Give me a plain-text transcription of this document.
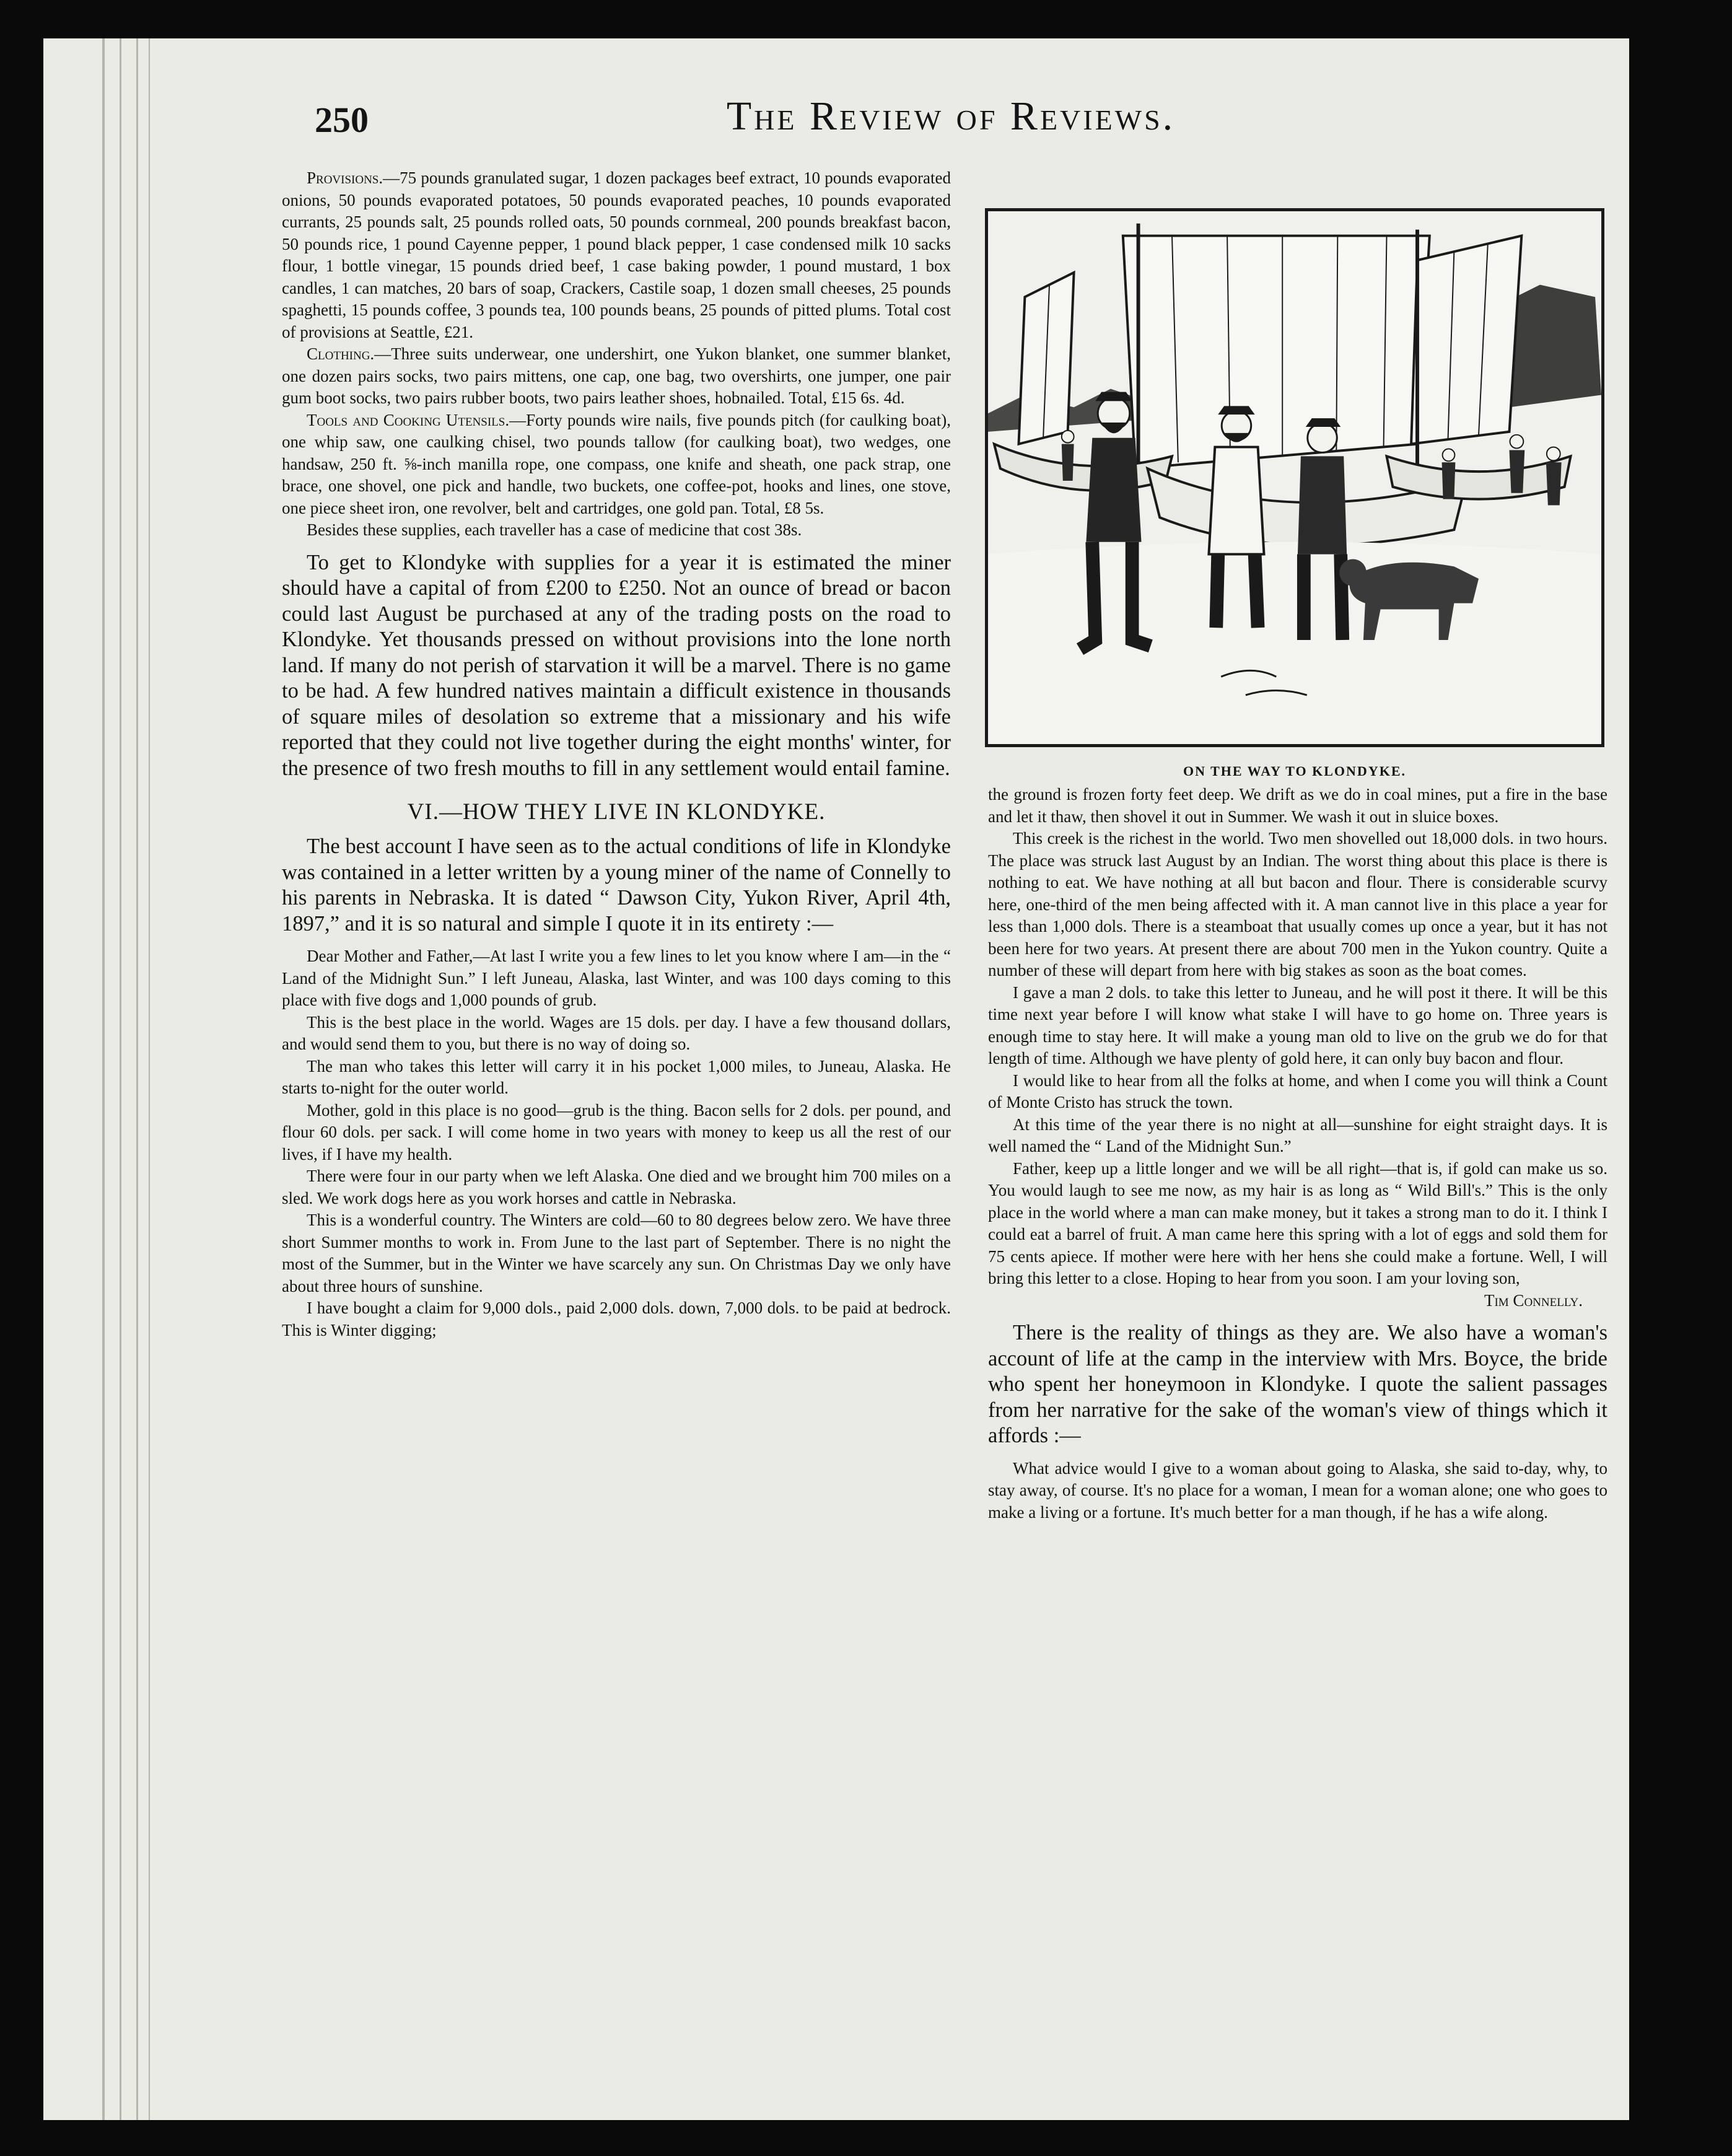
250	The Review of Reviews.

Provisions.—75 pounds granulated sugar, 1 dozen packages beef extract, 10 pounds evaporated onions, 50 pounds evaporated potatoes, 50 pounds evaporated peaches, 10 pounds evaporated currants, 25 pounds salt, 25 pounds rolled oats, 50 pounds cornmeal, 200 pounds breakfast bacon, 50 pounds rice, 1 pound Cayenne pepper, 1 pound black pepper, 1 case condensed milk 10 sacks flour, 1 bottle vinegar, 15 pounds dried beef, 1 case baking powder, 1 pound mustard, 1 box candles, 1 can matches, 20 bars of soap, Crackers, Castile soap, 1 dozen small cheeses, 25 pounds spaghetti, 15 pounds coffee, 3 pounds tea, 100 pounds beans, 25 pounds of pitted plums. Total cost of provisions at Seattle, £21.

Clothing.—Three suits underwear, one undershirt, one Yukon blanket, one summer blanket, one dozen pairs socks, two pairs mittens, one cap, one bag, two overshirts, one jumper, one pair gum boot socks, two pairs rubber boots, two pairs leather shoes, hobnailed. Total, £15 6s. 4d.

Tools and Cooking Utensils.—Forty pounds wire nails, five pounds pitch (for caulking boat), one whip saw, one caulking chisel, two pounds tallow (for caulking boat), two wedges, one handsaw, 250 ft. ⅝-inch manilla rope, one compass, one knife and sheath, one pack strap, one brace, one shovel, one pick and handle, two buckets, one coffee-pot, hooks and lines, one stove, one piece sheet iron, one revolver, belt and cartridges, one gold pan. Total, £8 5s.

Besides these supplies, each traveller has a case of medicine that cost 38s.

To get to Klondyke with supplies for a year it is estimated the miner should have a capital of from £200 to £250. Not an ounce of bread or bacon could last August be purchased at any of the trading posts on the road to Klondyke. Yet thousands pressed on without provisions into the lone north land. If many do not perish of starvation it will be a marvel. There is no game to be had. A few hundred natives maintain a difficult existence in thousands of square miles of desolation so extreme that a missionary and his wife reported that they could not live together during the eight months' winter, for the presence of two fresh mouths to fill in any settlement would entail famine.

VI.—HOW THEY LIVE IN KLONDYKE.

The best account I have seen as to the actual conditions of life in Klondyke was contained in a letter written by a young miner of the name of Connelly to his parents in Nebraska. It is dated “ Dawson City, Yukon River, April 4th, 1897,” and it is so natural and simple I quote it in its entirety :—

Dear Mother and Father,—At last I write you a few lines to let you know where I am—in the “ Land of the Midnight Sun.” I left Juneau, Alaska, last Winter, and was 100 days coming to this place with five dogs and 1,000 pounds of grub.

This is the best place in the world. Wages are 15 dols. per day. I have a few thousand dollars, and would send them to you, but there is no way of doing so.

The man who takes this letter will carry it in his pocket 1,000 miles, to Juneau, Alaska. He starts to-night for the outer world.

Mother, gold in this place is no good—grub is the thing. Bacon sells for 2 dols. per pound, and flour 60 dols. per sack. I will come home in two years with money to keep us all the rest of our lives, if I have my health.

There were four in our party when we left Alaska. One died and we brought him 700 miles on a sled. We work dogs here as you work horses and cattle in Nebraska.

This is a wonderful country. The Winters are cold—60 to 80 degrees below zero. We have three short Summer months to work in. From June to the last part of September. There is no night the most of the Summer, but in the Winter we have scarcely any sun. On Christmas Day we only have about three hours of sunshine.

I have bought a claim for 9,000 dols., paid 2,000 dols. down, 7,000 dols. to be paid at bedrock. This is Winter digging;

ON THE WAY TO KLONDYKE.

the ground is frozen forty feet deep. We drift as we do in coal mines, put a fire in the base and let it thaw, then shovel it out in Summer. We wash it out in sluice boxes.

This creek is the richest in the world. Two men shovelled out 18,000 dols. in two hours. The place was struck last August by an Indian. The worst thing about this place is there is nothing to eat. We have nothing at all but bacon and flour. There is considerable scurvy here, one-third of the men being affected with it. A man cannot live in this place a year for less than 1,000 dols. There is a steamboat that usually comes up once a year, but it has not been here for two years. At present there are about 700 men in the Yukon country. Quite a number of these will depart from here with big stakes as soon as the boat comes.

I gave a man 2 dols. to take this letter to Juneau, and he will post it there. It will be this time next year before I will know what stake I will have to go home on. Three years is enough time to stay here. It will make a young man old to live on the grub we do for that length of time. Although we have plenty of gold here, it can only buy bacon and flour.

I would like to hear from all the folks at home, and when I come you will think a Count of Monte Cristo has struck the town.

At this time of the year there is no night at all—sunshine for eight straight days. It is well named the “ Land of the Midnight Sun.”

Father, keep up a little longer and we will be all right—that is, if gold can make us so. You would laugh to see me now, as my hair is as long as “ Wild Bill's.” This is the only place in the world where a man can make money, but it takes a strong man to do it. I think I could eat a barrel of fruit. A man came here this spring with a lot of eggs and sold them for 75 cents apiece. If mother were here with her hens she could make a fortune. Well, I will bring this letter to a close. Hoping to hear from you soon. I am your loving son,

Tim Connelly.

There is the reality of things as they are. We also have a woman's account of life at the camp in the interview with Mrs. Boyce, the bride who spent her honeymoon in Klondyke. I quote the salient passages from her narrative for the sake of the woman's view of things which it affords :—

What advice would I give to a woman about going to Alaska, she said to-day, why, to stay away, of course. It's no place for a woman, I mean for a woman alone; one who goes to make a living or a fortune. It's much better for a man though, if he has a wife along.
